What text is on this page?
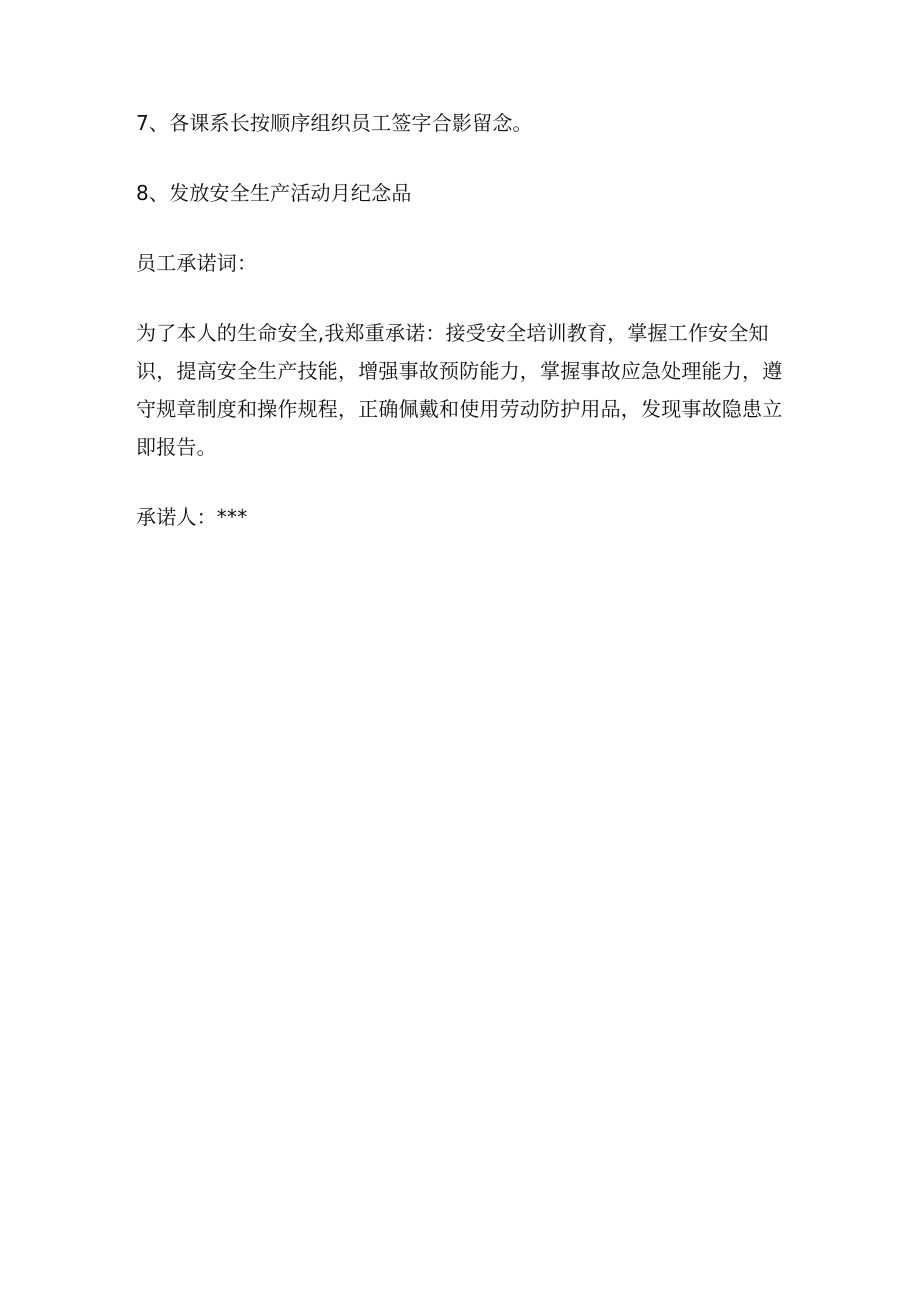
7、各课系长按顺序组织员工签字合影留念。

8、发放安全生产活动月纪念品

员工承诺词：

为了本人的生命安全,我郑重承诺：接受安全培训教育，掌握工作安全知识，提高安全生产技能，增强事故预防能力，掌握事故应急处理能力，遵守规章制度和操作规程，正确佩戴和使用劳动防护用品，发现事故隐患立即报告。

承诺人：***
